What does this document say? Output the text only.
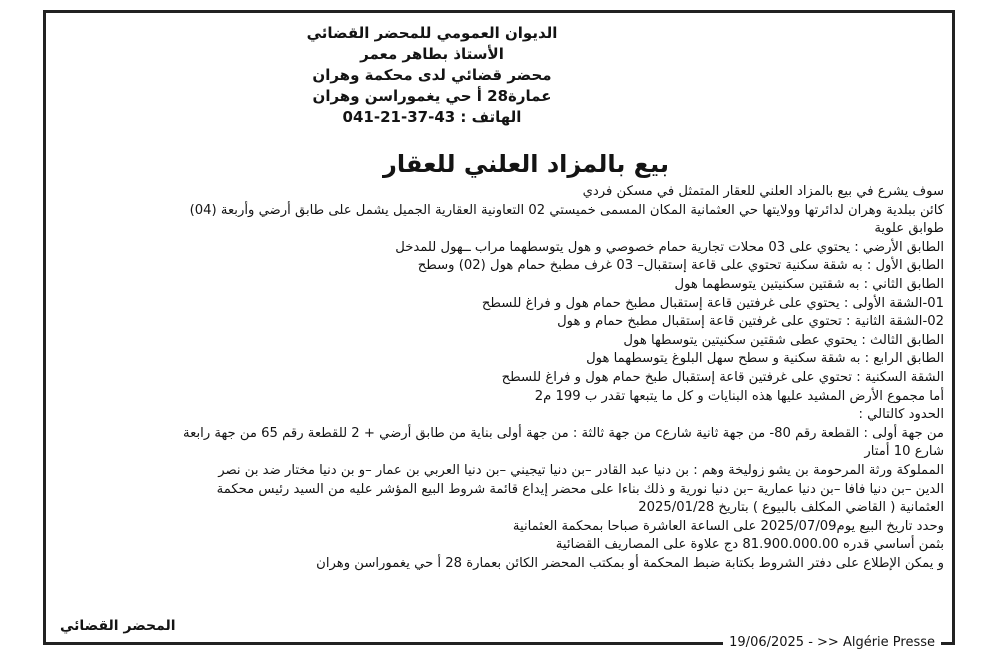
الديوان العمومي للمحضر القضائي
الأستاذ بطاهر معمر
محضر قضائي لدى محكمة وهران
عمارة28 أ حي يغموراسن وهران
الهاتف : 43-37-21-041
بيع بالمزاد العلني للعقار
سوف يشرع في بيع بالمزاد العلني للعقار المتمثل في مسكن فردي
كائن ببلدية وهران لدائرتها وولايتها حي العثمانية المكان المسمى خميستي 02 التعاونية العقارية الجميل يشمل على طابق أرضي وأربعة (04)
طوابق علوية
الطابق الأرضي : يحتوي على 03 محلات تجارية حمام خصوصي و هول يتوسطهما مراب ــهول للمدخل
الطابق الأول : به شقة سكنية تحتوي على قاعة إستقبال– 03 غرف مطبخ حمام هول (02) وسطح
الطابق الثاني : به شقتين سكنيتين يتوسطهما هول
01-الشقة الأولى : يحتوي على غرفتين قاعة إستقبال مطبخ حمام هول و فراغ للسطح
02-الشقة الثانية : تحتوي على غرفتين قاعة إستقبال مطبخ حمام و هول
الطابق الثالث : يحتوي عطى شقتين سكنيتين يتوسطها هول
الطابق الرابع : به شقة سكنية و سطح سهل البلوغ يتوسطهما هول
الشقة السكنية : تحتوي على غرفتين قاعة إستقبال طبخ حمام هول و فراغ للسطح
أما مجموع الأرض المشيد عليها هذه البنايات و كل ما يتبعها تقدر ب 199 م2
الحدود كالتالي :
من جهة أولى : القطعة رقم 80- من جهة ثانية شارعc من جهة ثالثة : من جهة أولى بناية من طابق أرضي + 2 للقطعة رقم 65 من جهة رابعة
شارع 10 أمتار
المملوكة ورثة المرحومة بن يشو زوليخة وهم : بن دنيا عبد القادر –بن دنيا تيجيني –بن دنيا العربي بن عمار –و بن دنيا مختار ضد بن نصر
الدين –بن دنيا فافا –بن دنيا عمارية –بن دنيا نورية و ذلك بناءا على محضر إيداع قائمة شروط البيع المؤشر عليه من السيد رئيس محكمة
العثمانية ( القاضي المكلف بالبيوع ) بتاريخ 2025/01/28
وحدد تاريخ البيع يوم2025/07/09 على الساعة العاشرة صباحا بمحكمة العثمانية
بثمن أساسي قدره 81.900.000.00 دج علاوة على المصاريف القضائية
و يمكن الإطلاع على دفتر الشروط بكتابة ضبط المحكمة أو بمكتب المحضر الكائن بعمارة 28 أ حي يغموراسن وهران
المحضر القضائي
19/06/2025 - >> Algérie Presse
